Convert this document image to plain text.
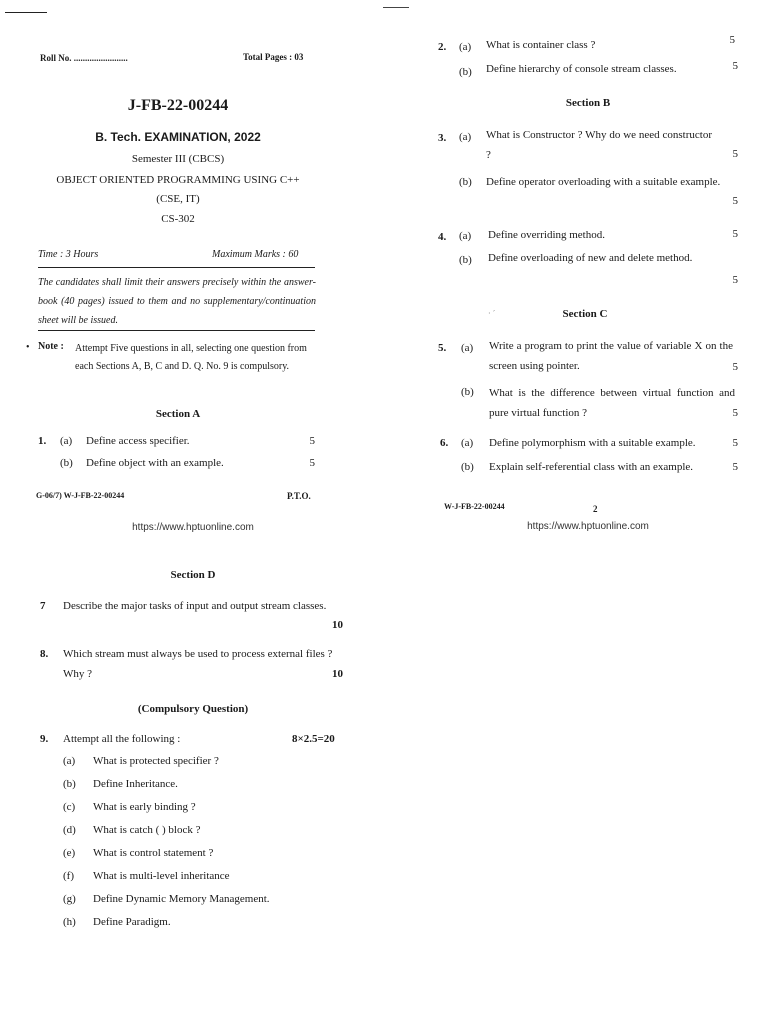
Roll No. ........................	Total Pages : 03
J-FB-22-00244
B. Tech. EXAMINATION, 2022
Semester III (CBCS)
OBJECT ORIENTED PROGRAMMING USING C++
(CSE, IT)
CS-302
Time : 3 Hours	Maximum Marks : 60
The candidates shall limit their answers precisely within the answer-book (40 pages) issued to them and no supplementary/continuation sheet will be issued.
• Note : Attempt Five questions in all, selecting one question from each Sections A, B, C and D. Q. No. 9 is compulsory.
Section A
1. (a) Define access specifier.	5
(b) Define object with an example.	5
G-06/7) W-J-FB-22-00244	P.T.O.
https://www.hptuonline.com
2. (a) What is container class ?	5
(b) Define hierarchy of console stream classes.	5
Section B
3. (a) What is Constructor ? Why do we need constructor ?	5
(b) Define operator overloading with a suitable example.
5
4. (a) Define overriding method.	5
(b) Define overloading of new and delete method.
5
· ˊ	Section C
5. (a) Write a program to print the value of variable X on the screen using pointer.	5
(b) What is the difference between virtual function and pure virtual function ?	5
6. (a) Define polymorphism with a suitable example.	5
(b) Explain self-referential class with an example.	5
W-J-FB-22-00244	2
https://www.hptuonline.com
Section D
7 Describe the major tasks of input and output stream classes.
10
8. Which stream must always be used to process external files ? Why ?	10
(Compulsory Question)
9. Attempt all the following :	8×2.5=20
(a) What is protected specifier ?
(b) Define Inheritance.
(c) What is early binding ?
(d) What is catch ( ) block ?
(e) What is control statement ?
(f) What is multi-level inheritance
(g) Define Dynamic Memory Management.
(h) Define Paradigm.
